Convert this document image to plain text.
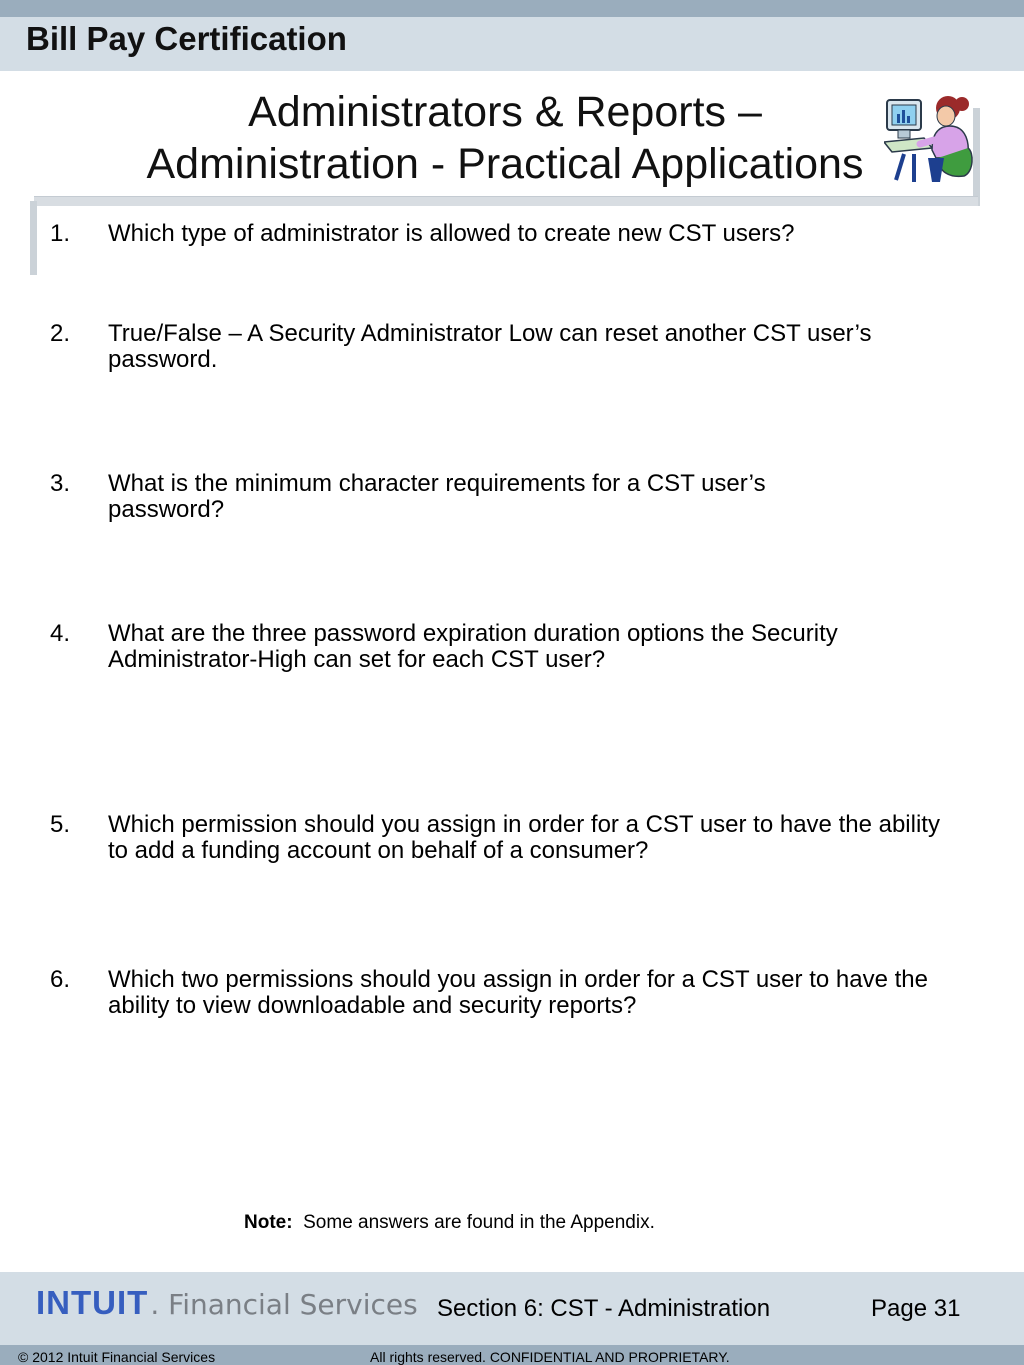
Bill Pay Certification
Administrators & Reports –
Administration - Practical Applications
1.	Which type of administrator is allowed to create new CST users?
2.	True/False – A Security Administrator Low can reset another CST user’s password.
3.	What is the minimum character requirements for a CST user’s password?
4.	What are the three password expiration duration options the Security Administrator-High can set for each CST user?
5.	Which permission should you assign in order for a CST user to have the ability to add a funding account on behalf of a consumer?
6.	Which two permissions should you assign in order for a CST user to have the ability to view downloadable and security reports?
Note: Some answers are found in the Appendix.
INTUIT. Financial Services Section 6: CST - Administration	Page 31
© 2012 Intuit Financial Services	All rights reserved. CONFIDENTIAL AND PROPRIETARY.
